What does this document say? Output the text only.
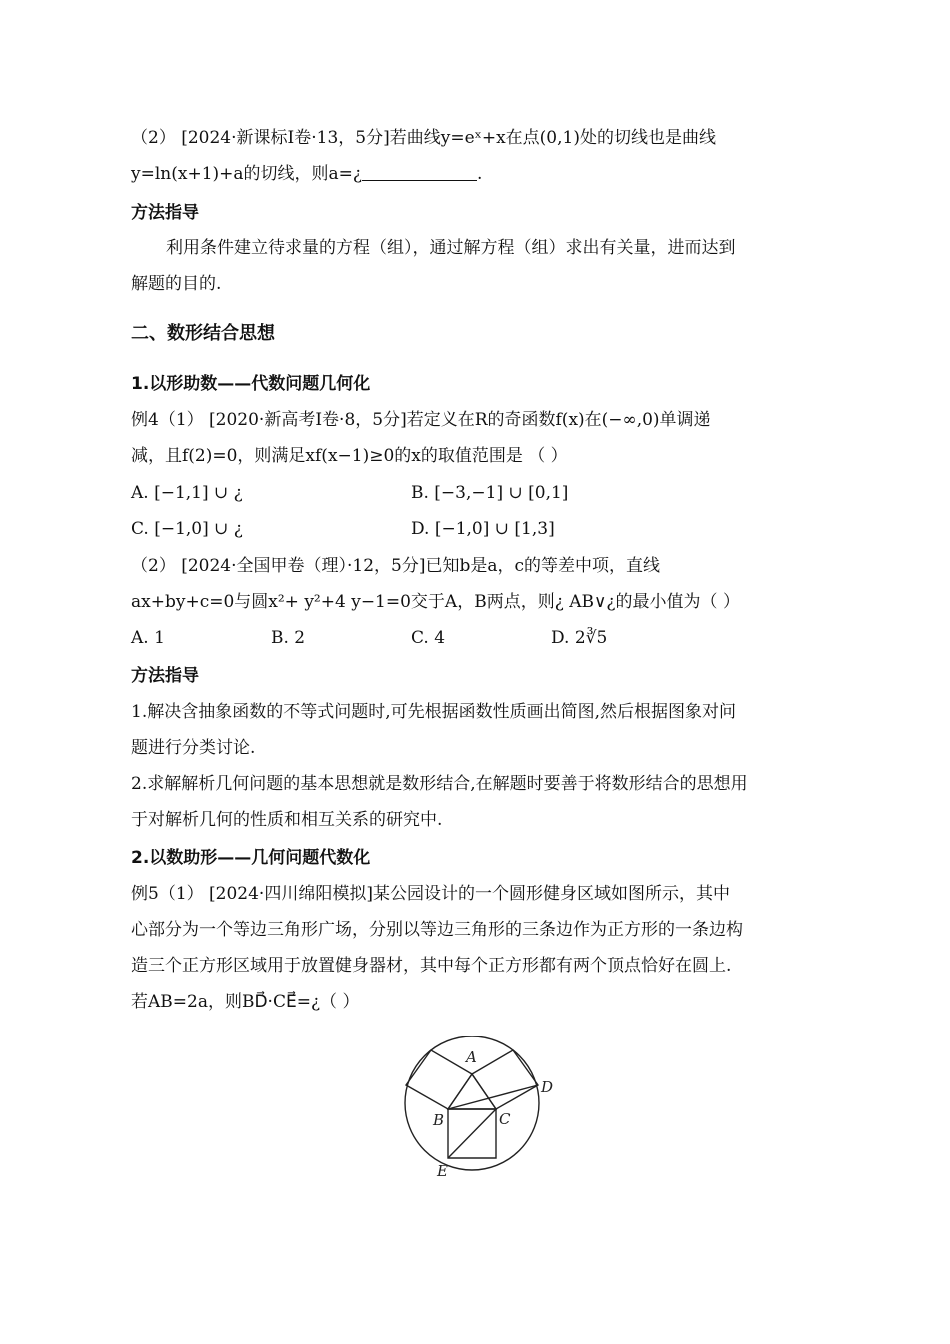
（2） [2024·新课标Ⅰ卷·13，5分]若曲线y=eˣ+x在点(0,1)处的切线也是曲线
y=ln(x+1)+a的切线，则a=¿	.
方法指导
利用条件建立待求量的方程（组），通过解方程（组）求出有关量，进而达到
解题的目的.
二、数形结合思想
1.以形助数——代数问题几何化
例4（1） [2020·新高考Ⅰ卷·8，5分]若定义在R的奇函数f(x)在(−∞,0)单调递
减，且f(2)=0，则满足xf(x−1)≥0的x的取值范围是 （ ）
A. [−1,1] ∪ ¿	B. [−3,−1] ∪ [0,1]
C. [−1,0] ∪ ¿	D. [−1,0] ∪ [1,3]
（2） [2024·全国甲卷（理）·12，5分]已知b是a，c的等差中项，直线
ax+by+c=0与圆x²+ y²+4 y−1=0交于A，B两点，则¿ AB∨¿的最小值为（ ）
A. 1	B. 2	C. 4	D. 2∛5
方法指导
1.解决含抽象函数的不等式问题时,可先根据函数性质画出简图,然后根据图象对问
题进行分类讨论.
2.求解解析几何问题的基本思想就是数形结合,在解题时要善于将数形结合的思想用
于对解析几何的性质和相互关系的研究中.
2.以数助形——几何问题代数化
例5（1） [2024·四川绵阳模拟]某公园设计的一个圆形健身区域如图所示，其中
心部分为一个等边三角形广场，分别以等边三角形的三条边作为正方形的一条边构
造三个正方形区域用于放置健身器材，其中每个正方形都有两个顶点恰好在圆上.
若AB=2a，则BD⃗·CE⃗=¿（ ）
A
B	C
D
E
